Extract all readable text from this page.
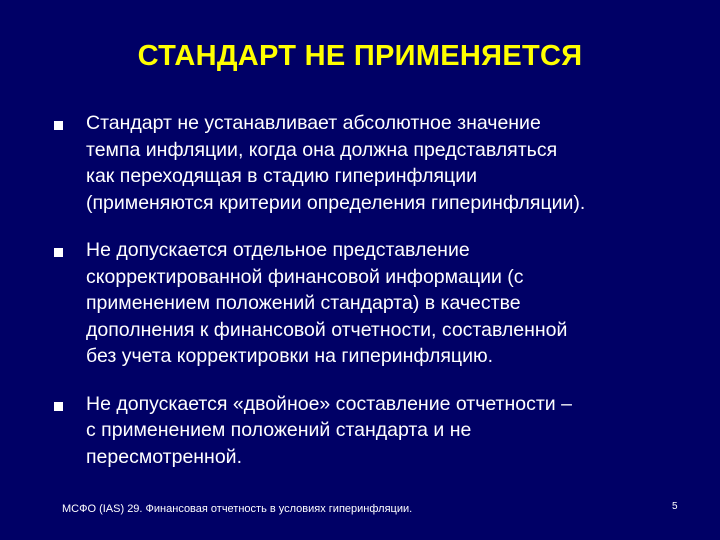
СТАНДАРТ НЕ ПРИМЕНЯЕТСЯ
Стандарт не устанавливает абсолютное значение
темпа инфляции, когда она должна представляться
как переходящая в стадию гиперинфляции
(применяются критерии определения гиперинфляции).
Не допускается отдельное представление
скорректированной финансовой информации (с
применением положений стандарта) в качестве
дополнения к финансовой отчетности, составленной
без учета корректировки на гиперинфляцию.
Не допускается «двойное» составление отчетности –
с применением положений стандарта и не
пересмотренной.
МСФО (IAS) 29. Финансовая отчетность в условиях гиперинфляции.	5
